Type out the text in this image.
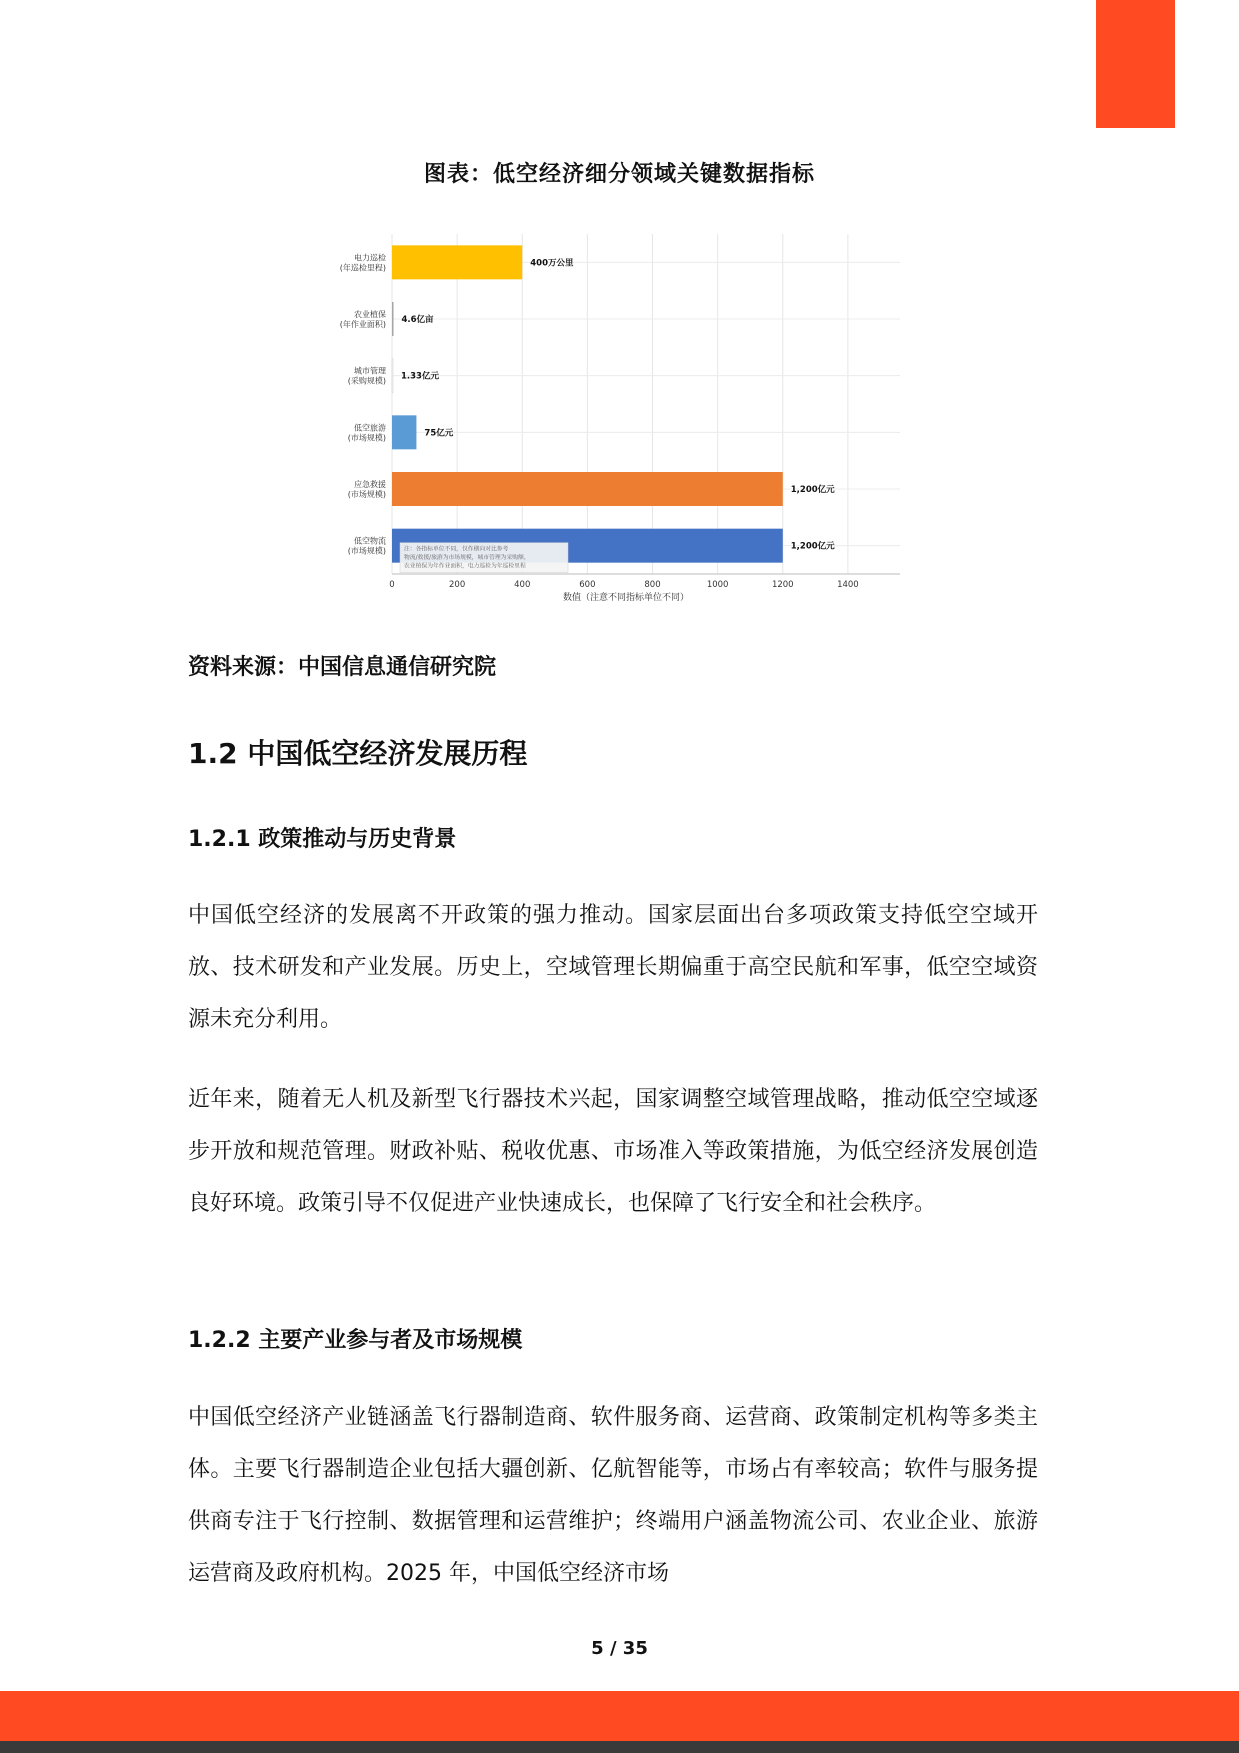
图表：低空经济细分领域关键数据指标
电力巡检(年巡检里程)	400万公里
农业植保(年作业面积) 4.6亿亩
城市管理(采购规模) 1.33亿元
低空旅游(市场规模)	75亿元
应急救援(市场规模)	1,200亿元
低空物流(市场规模)	1,200亿元
0	200	400	600	800	1000	1200	1400
数值（注意不同指标单位不同）
注：各指标单位不同，仅作横向对比参考
物流/救援/旅游为市场规模，城市管理为采购额，
农业植保为年作业面积，电力巡检为年巡检里程
资料来源：中国信息通信研究院
1.2 中国低空经济发展历程
1.2.1 政策推动与历史背景

中国低空经济的发展离不开政策的强力推动。国家层面出台多项政策支持低空空域开放、技术研发和产业发展。历史上，空域管理长期偏重于高空民航和军事，低空空域资源未充分利用。

近年来，随着无人机及新型飞行器技术兴起，国家调整空域管理战略，推动低空空域逐步开放和规范管理。财政补贴、税收优惠、市场准入等政策措施，为低空经济发展创造良好环境。政策引导不仅促进产业快速成长，也保障了飞行安全和社会秩序。

1.2.2 主要产业参与者及市场规模

中国低空经济产业链涵盖飞行器制造商、软件服务商、运营商、政策制定机构等多类主体。主要飞行器制造企业包括大疆创新、亿航智能等，市场占有率较高；软件与服务提供商专注于飞行控制、数据管理和运营维护；终端用户涵盖物流公司、农业企业、旅游运营商及政府机构。2025 年，中国低空经济市场

5 / 35
